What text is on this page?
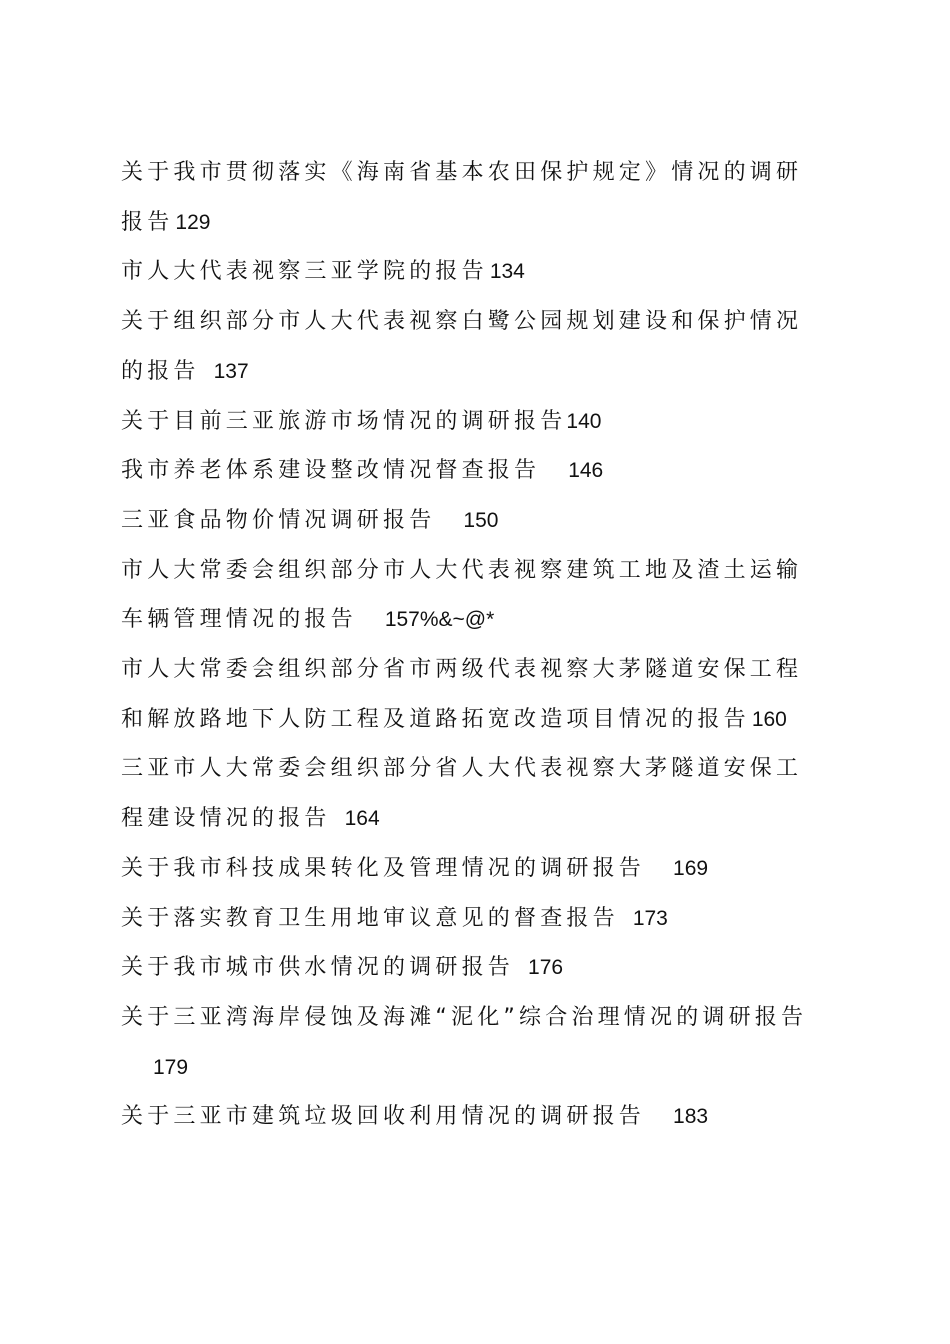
关于我市贯彻落实《海南省基本农田保护规定》情况的调研报告129
市人大代表视察三亚学院的报告134
关于组织部分市人大代表视察白鹭公园规划建设和保护情况的报告 137
关于目前三亚旅游市场情况的调研报告140
我市养老体系建设整改情况督查报告 146
三亚食品物价情况调研报告 150
市人大常委会组织部分市人大代表视察建筑工地及渣土运输车辆管理情况的报告 157%&~@*
市人大常委会组织部分省市两级代表视察大茅隧道安保工程和解放路地下人防工程及道路拓宽改造项目情况的报告160
三亚市人大常委会组织部分省人大代表视察大茅隧道安保工程建设情况的报告 164
关于我市科技成果转化及管理情况的调研报告 169
关于落实教育卫生用地审议意见的督查报告 173
关于我市城市供水情况的调研报告 176
关于三亚湾海岸侵蚀及海滩“泥化”综合治理情况的调研报告
179
关于三亚市建筑垃圾回收利用情况的调研报告 183
